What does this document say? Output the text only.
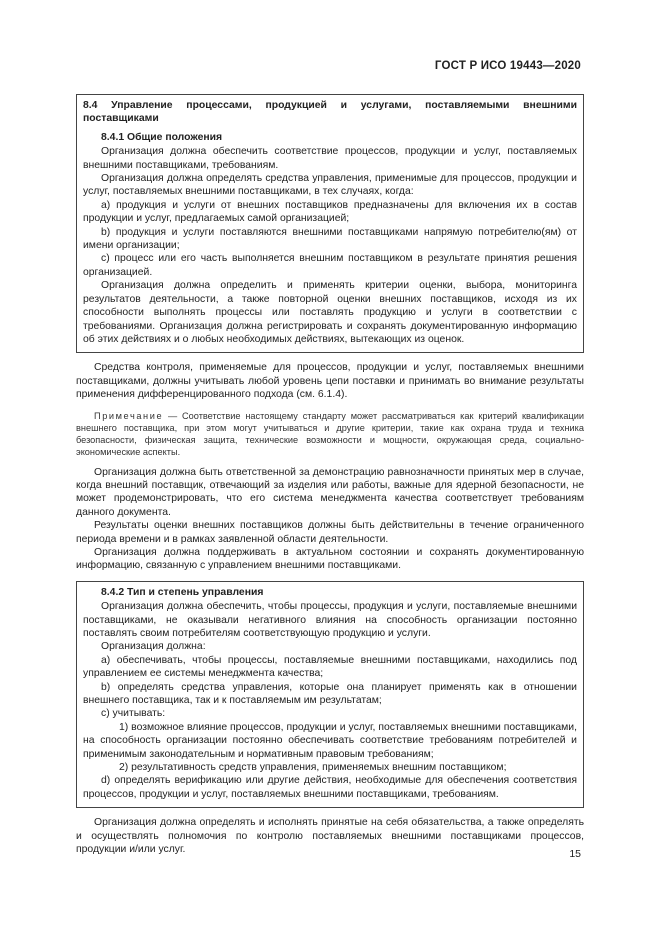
ГОСТ Р ИСО 19443—2020

8.4 Управление процессами, продукцией и услугами, поставляемыми внешними поставщиками

8.4.1 Общие положения

Организация должна обеспечить соответствие процессов, продукции и услуг, поставляемых внешними поставщиками, требованиям.

Организация должна определять средства управления, применимые для процессов, продукции и услуг, поставляемых внешними поставщиками, в тех случаях, когда:

a) продукция и услуги от внешних поставщиков предназначены для включения их в состав продукции и услуг, предлагаемых самой организацией;

b) продукция и услуги поставляются внешними поставщиками напрямую потребителю(ям) от имени организации;

c) процесс или его часть выполняется внешним поставщиком в результате принятия решения организацией.

Организация должна определить и применять критерии оценки, выбора, мониторинга результатов деятельности, а также повторной оценки внешних поставщиков, исходя из их способности выполнять процессы или поставлять продукцию и услуги в соответствии с требованиями. Организация должна регистрировать и сохранять документированную информацию об этих действиях и о любых необходимых действиях, вытекающих из оценок.

Средства контроля, применяемые для процессов, продукции и услуг, поставляемых внешними поставщиками, должны учитывать любой уровень цепи поставки и принимать во внимание результаты применения дифференцированного подхода (см. 6.1.4).

Примечание — Соответствие настоящему стандарту может рассматриваться как критерий квалификации внешнего поставщика, при этом могут учитываться и другие критерии, такие как охрана труда и техника безопасности, физическая защита, технические возможности и мощности, окружающая среда, социально-экономические аспекты.

Организация должна быть ответственной за демонстрацию равнозначности принятых мер в случае, когда внешний поставщик, отвечающий за изделия или работы, важные для ядерной безопасности, не может продемонстрировать, что его система менеджмента качества соответствует требованиям данного документа.

Результаты оценки внешних поставщиков должны быть действительны в течение ограниченного периода времени и в рамках заявленной области деятельности.

Организация должна поддерживать в актуальном состоянии и сохранять документированную информацию, связанную с управлением внешними поставщиками.

8.4.2 Тип и степень управления

Организация должна обеспечить, чтобы процессы, продукция и услуги, поставляемые внешними поставщиками, не оказывали негативного влияния на способность организации постоянно поставлять своим потребителям соответствующую продукцию и услуги.

Организация должна:

a) обеспечивать, чтобы процессы, поставляемые внешними поставщиками, находились под управлением ее системы менеджмента качества;

b) определять средства управления, которые она планирует применять как в отношении внешнего поставщика, так и к поставляемым им результатам;

c) учитывать:

1) возможное влияние процессов, продукции и услуг, поставляемых внешними поставщиками, на способность организации постоянно обеспечивать соответствие требованиям потребителей и применимым законодательным и нормативным правовым требованиям;

2) результативность средств управления, применяемых внешним поставщиком;

d) определять верификацию или другие действия, необходимые для обеспечения соответствия процессов, продукции и услуг, поставляемых внешними поставщиками, требованиям.

Организация должна определять и исполнять принятые на себя обязательства, а также определять и осуществлять полномочия по контролю поставляемых внешними поставщиками процессов, продукции и/или услуг.	15
